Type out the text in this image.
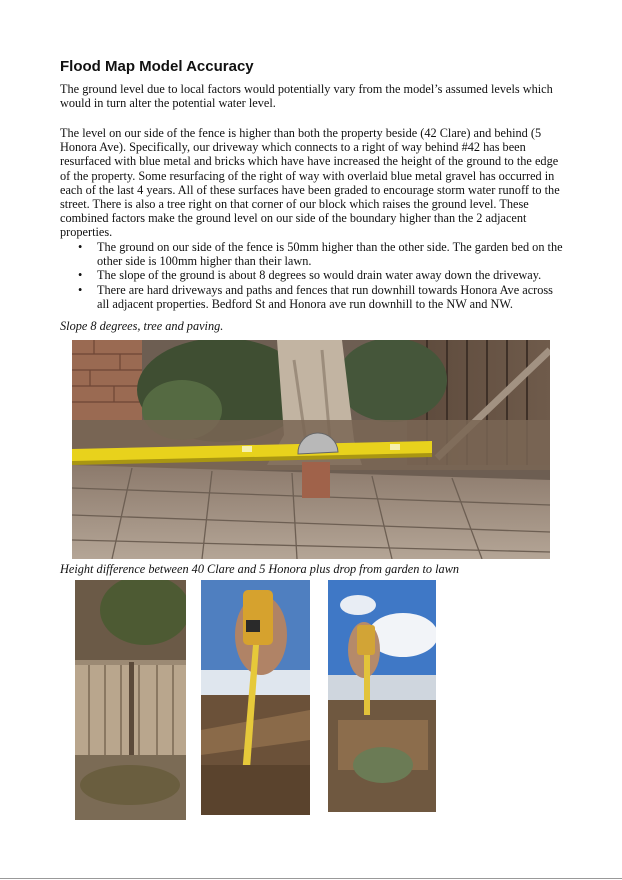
Flood Map Model Accuracy

The ground level due to local factors would potentially vary from the model’s assumed levels which would in turn alter the potential water level.

The level on our side of the fence is higher than both the property beside (42 Clare) and behind (5 Honora Ave). Specifically, our driveway which connects to a right of way behind #42 has been resurfaced with blue metal and bricks which have have increased the height of the ground to the edge of the property. Some resurfacing of the right of way with overlaid blue metal gravel has occurred in each of the last 4 years. All of these surfaces have been graded to encourage storm water runoff to the street. There is also a tree right on that corner of our block which raises the ground level. These combined factors make the ground level on our side of the boundary higher than the 2 adjacent properties.

• The ground on our side of the fence is 50mm higher than the other side. The garden bed on the other side is 100mm higher than their lawn.
• The slope of the ground is about 8 degrees so would drain water away down the driveway.
• There are hard driveways and paths and fences that run downhill towards Honora Ave across all adjacent properties. Bedford St and Honora ave run downhill to the NW and NW.

Slope 8 degrees, tree and paving.

Height difference between 40 Clare and 5 Honora plus drop from garden to lawn
